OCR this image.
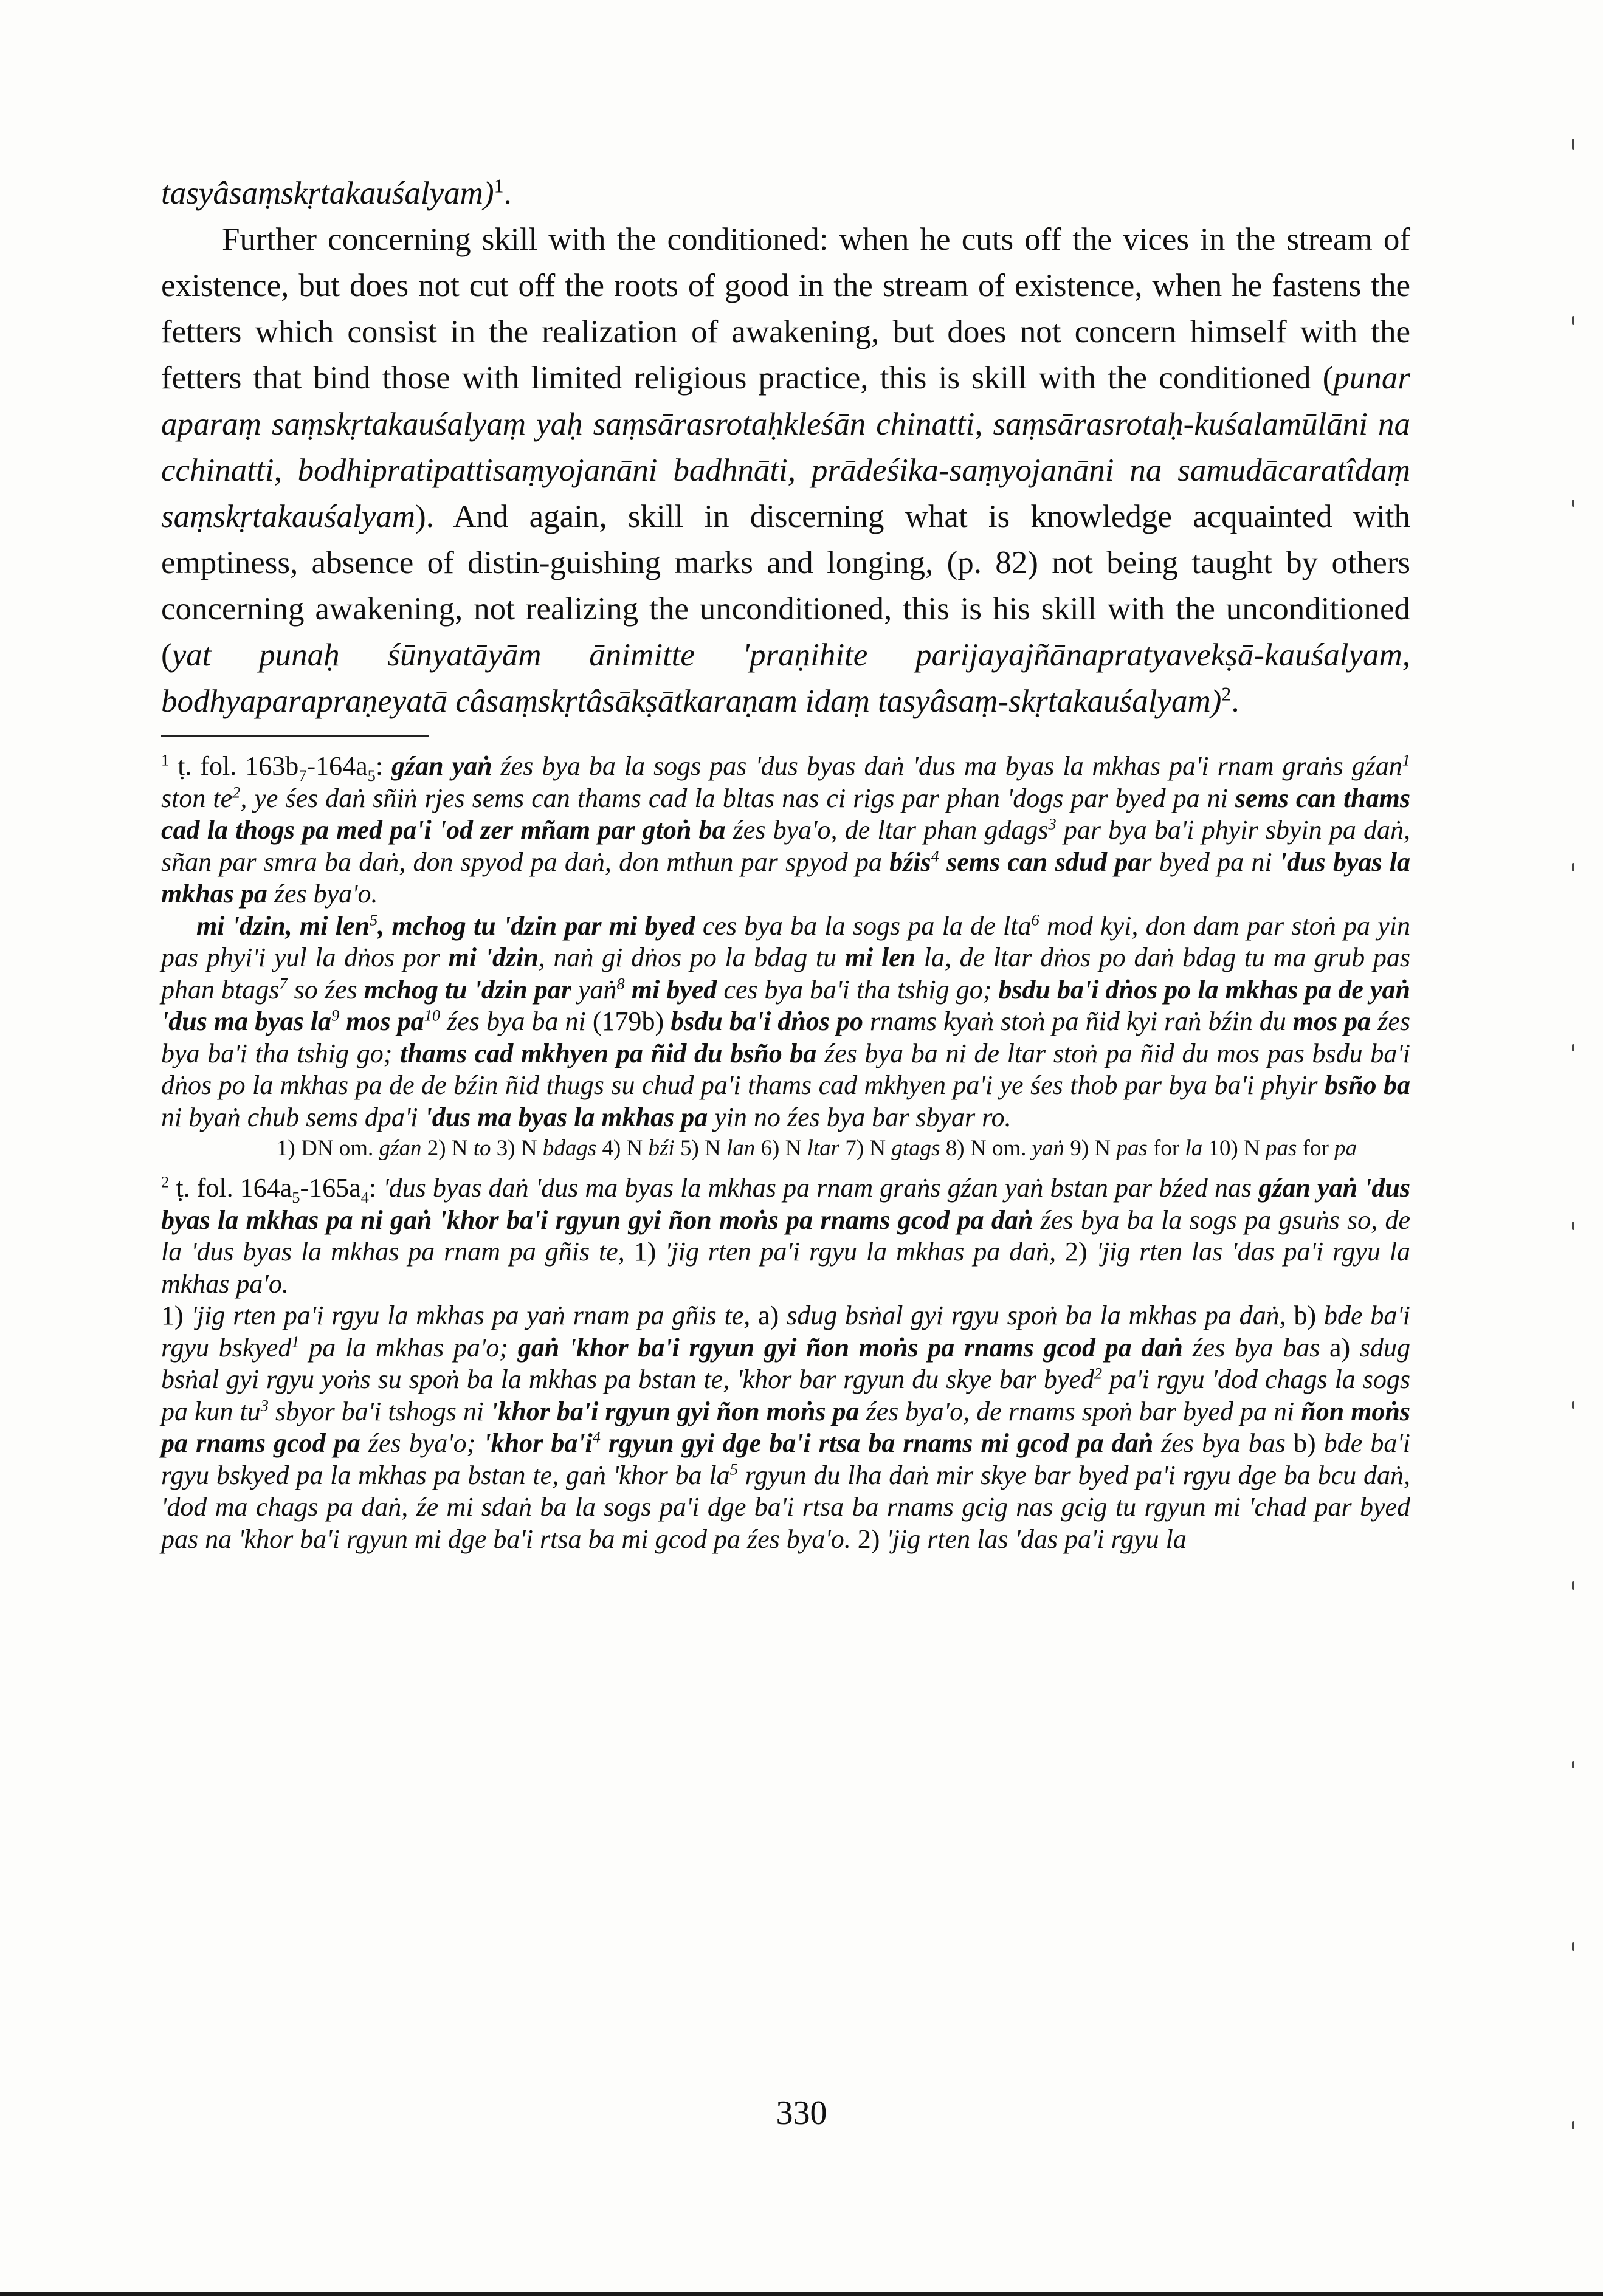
tasyâsaṃskṛtakauśalyam)$^1$.

Further concerning skill with the conditioned: when he cuts off the vices in the stream of existence, but does not cut off the roots of good in the stream of existence, when he fastens the fetters which consist in the realization of awakening, but does not concern himself with the fetters that bind those with limited religious practice, this is skill with the conditioned (punar aparaṃ saṃskṛtakauśalyaṃ yaḥ saṃsārasrotaḥkleśān chinatti, saṃsārasrotaḥ-kuśalamūlāni na cchinatti, bodhipratipattisaṃyojanāni badhnāti, prādeśika-saṃyojanāni na samudācaratîdaṃ saṃskṛtakauśalyam). And again, skill in discerning what is knowledge acquainted with emptiness, absence of distin-guishing marks and longing, (p. 82) not being taught by others concerning awakening, not realizing the unconditioned, this is his skill with the unconditioned (yat punaḥ śūnyatāyām ānimitte 'praṇihite parijayajñānapratyavekṣā-kauśalyam, bodhyaparapraṇeyatā câsaṃskṛtâsākṣātkaraṇam idaṃ tasyâsaṃ-skṛtakauśalyam)$^2$.

$^1$ ṭ. fol. $163b_7-164a_5$: gźan yaṅ źes bya ba la sogs pas 'dus byas daṅ 'dus ma byas la mkhas pa'i rnam graṅs gźan$^1$ ston $te^2$, ye śes daṅ sñiṅ rjes sems can thams cad la bltas nas ci rigs par phan 'dogs par byed pa ni sems can thams cad la thogs pa med pa'i 'od zer mñam par gtoṅ ba źes bya'o, de ltar phan gdags$^3$ par bya ba'i phyir sbyin pa daṅ, sñan par smra ba daṅ, don spyod pa daṅ, don mthun par spyod pa bźis$^4$ sems can sdud par byed pa ni 'dus byas la mkhas pa źes bya'o.

mi 'dzin, mi len$^5$, mchog tu 'dzin par mi byed ces bya ba la sogs pa la de lta$^6$ mod kyi, don dam par stoṅ pa yin pas phyi'i yul la dṅos por mi 'dzin, naṅ gi dṅos po la bdag tu mi len la, de ltar dṅos po daṅ bdag tu ma grub pas phan btags$^7$ so źes mchog tu 'dzin par yaṅ$^8$ mi byed ces bya ba'i tha tshig go; bsdu ba'i dṅos po la mkhas pa de yaṅ 'dus ma byas $la^9$ mos $pa^{10}$ źes bya ba ni (179b) bsdu ba'i dṅos po rnams kyaṅ stoṅ pa ñid kyi raṅ bźin du mos pa źes bya ba'i tha tshig go; thams cad mkhyen pa ñid du bsño ba źes bya ba ni de ltar stoṅ pa ñid du mos pas bsdu ba'i dṅos po la mkhas pa de de bźin ñid thugs su chud pa'i thams cad mkhyen pa'i ye śes thob par bya ba'i phyir bsño ba ni byaṅ chub sems dpa'i 'dus ma byas la mkhas pa yin no źes bya bar sbyar ro.

1) DN om. gźan 2) N to 3) N bdags 4) N bźi 5) N lan 6) N ltar 7) N gtags 8) N om. yaṅ 9) N pas for la 10) N pas for pa

$^2$ ṭ. fol. $164a_5-165a_4$: 'dus byas daṅ 'dus ma byas la mkhas pa rnam graṅs gźan yaṅ bstan par bźed nas gźan yaṅ 'dus byas la mkhas pa ni gaṅ 'khor ba'i rgyun gyi ñon moṅs pa rnams gcod pa daṅ źes bya ba la sogs pa gsuṅs so, de la 'dus byas la mkhas pa rnam pa gñis te, 1) 'jig rten pa'i rgyu la mkhas pa daṅ, 2) 'jig rten las 'das pa'i rgyu la mkhas pa'o.
1) 'jig rten pa'i rgyu la mkhas pa yaṅ rnam pa gñis te, a) sdug bsṅal gyi rgyu spoṅ ba la mkhas pa daṅ, b) bde ba'i rgyu bskyed$^1$ pa la mkhas pa'o; gaṅ 'khor ba'i rgyun gyi ñon moṅs pa rnams gcod pa daṅ źes bya bas a) sdug bsṅal gyi rgyu yoṅs su spoṅ ba la mkhas pa bstan te, 'khor bar rgyun du skye bar byed$^2$ pa'i rgyu 'dod chags la sogs pa kun $tu^3$ sbyor ba'i tshogs ni 'khor ba'i rgyun gyi ñon moṅs pa źes bya'o, de rnams spoṅ bar byed pa ni ñon moṅs pa rnams gcod pa źes bya'o; 'khor $ba'i^4$ rgyun gyi dge ba'i rtsa ba rnams mi gcod pa daṅ źes bya bas b) bde ba'i rgyu bskyed pa la mkhas pa bstan te, gaṅ 'khor ba $la^5$ rgyun du lha daṅ mir skye bar byed pa'i rgyu dge ba bcu daṅ, 'dod ma chags pa daṅ, źe mi sdaṅ ba la sogs pa'i dge ba'i rtsa ba rnams gcig nas gcig tu rgyun mi 'chad par byed pas na 'khor ba'i rgyun mi dge ba'i rtsa ba mi gcod pa źes bya'o. 2) 'jig rten las 'das pa'i rgyu la

330
